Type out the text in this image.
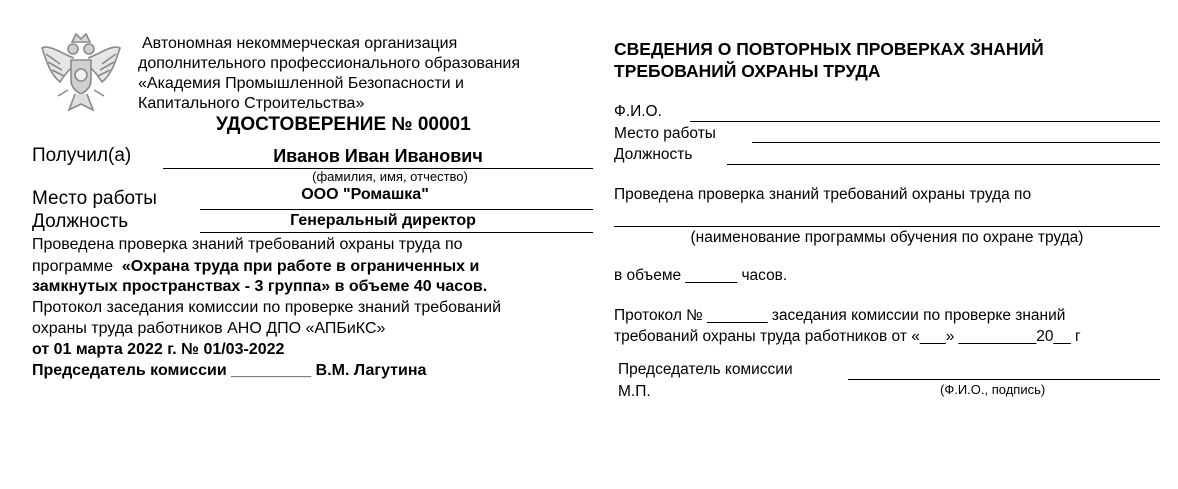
Автономная некоммерческая организация
дополнительного профессионального образования
«Академия Промышленной Безопасности и
Капитального Строительства»
УДОСТОВЕРЕНИЕ № 00001
Получил(а)	Иванов Иван Иванович
(фамилия, имя, отчество)
Место работы	ООО "Ромашка"
Должность	Генеральный директор
Проведена проверка знаний требований охраны труда по
программе «Охрана труда при работе в ограниченных и
замкнутых пространствах - 3 группа» в объеме 40 часов.
Протокол заседания комиссии по проверке знаний требований
охраны труда работников АНО ДПО «АПБиКС»
от 01 марта 2022 г. № 01/03-2022
Председатель комиссии _________ В.М. Лагутина
СВЕДЕНИЯ О ПОВТОРНЫХ ПРОВЕРКАХ ЗНАНИЙ
ТРЕБОВАНИЙ ОХРАНЫ ТРУДА
Ф.И.О.
Место работы
Должность
Проведена проверка знаний требований охраны труда по
(наименование программы обучения по охране труда)
в объеме ______ часов.
Протокол № _______ заседания комиссии по проверке знаний
требований охраны труда работников от «___» _________20__ г
Председатель комиссии
М.П.	(Ф.И.О., подпись)
